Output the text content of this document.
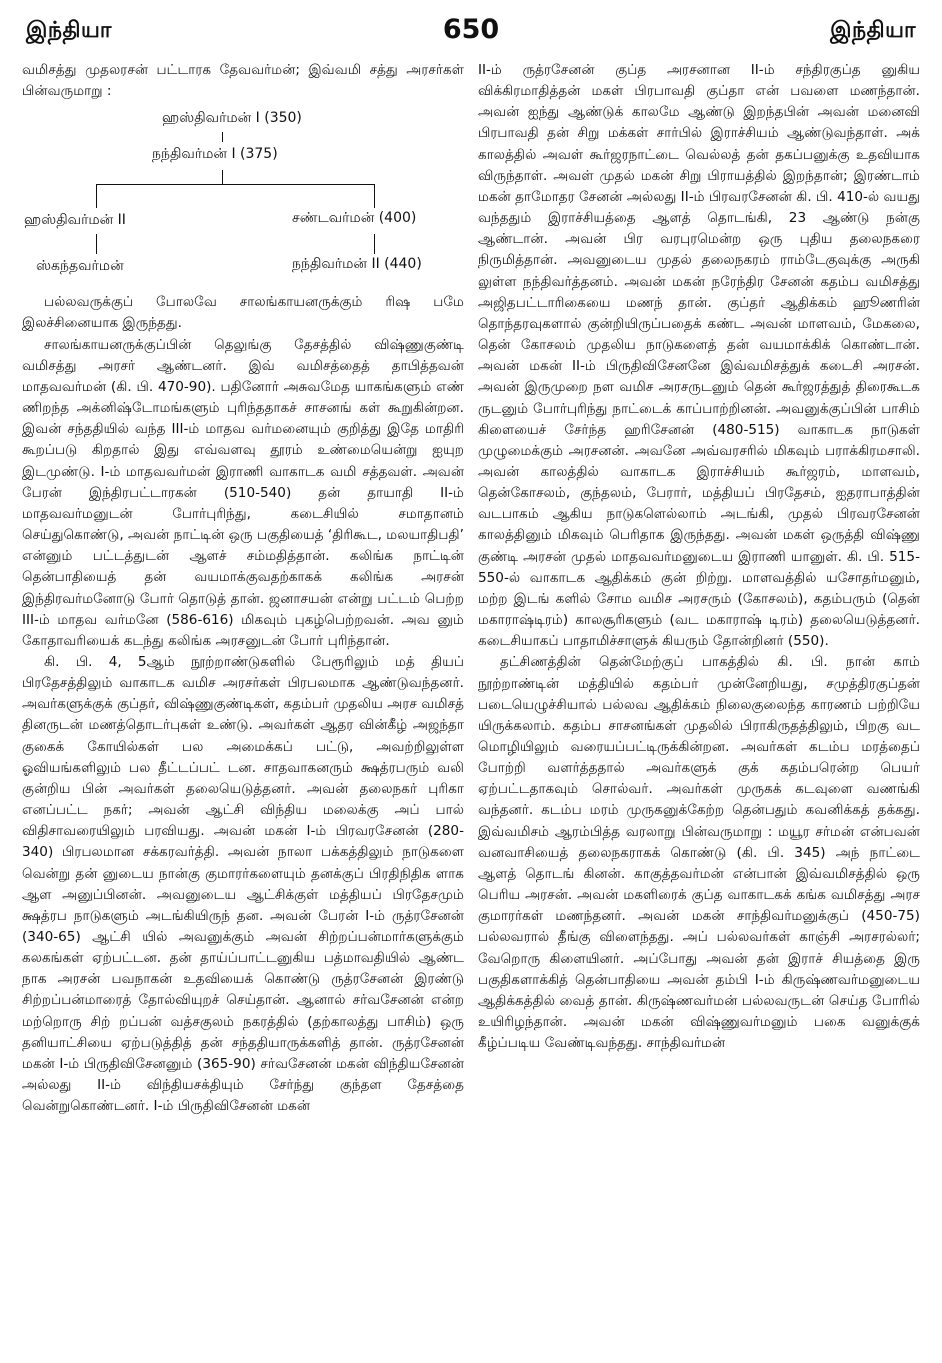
இந்தியா	650	இந்தியா

வமிசத்து முதலரசன் பட்டாரக தேவவர்மன்; இவ்வமி சத்து அரசர்கள் பின்வருமாறு :

ஹஸ்திவர்மன் I (350)
நந்திவர்மன் I (375)
ஹஸ்திவர்மன் II	சண்டவர்மன் (400)
ஸ்கந்தவர்மன்	நந்திவர்மன் II (440)

பல்லவருக்குப் போலவே சாலங்காயனருக்கும் ரிஷ பமே இலச்சினையாக இருந்தது.

சாலங்காயனருக்குப்பின் தெலுங்கு தேசத்தில் விஷ்ணுகுண்டி வமிசத்து அரசர் ஆண்டனர். இவ் வமிசத்தைத் தாபித்தவன் மாதவவர்மன் (கி. பி. 470-90). பதினோர் அசுவமேத யாகங்களும் எண் ணிறந்த அக்னிஷ்டோமங்களும் புரிந்ததாகச் சாசனங் கள் கூறுகின்றன. இவன் சந்ததியில் வந்த III-ம் மாதவ வர்மனையும் குறித்து இதே மாதிரி கூறப்படு கிறதால் இது எவ்வளவு தூரம் உண்மையென்று ஐயுற இடமுண்டு. I-ம் மாதவவர்மன் இராணி வாகாடக வமி சத்தவள். அவன் பேரன் இந்திரபட்டாரகன் (510-540) தன் தாயாதி II-ம் மாதவவர்மனுடன் போர்புரிந்து, கடைசியில் சமாதானம் செய்துகொண்டு, அவன் நாட்டின் ஒரு பகுதியைத் ‘திரிகூட, மலயாதிபதி’ என்னும் பட்டத்துடன் ஆளச் சம்மதித்தான். கலிங்க நாட்டின் தென்பாதியைத் தன் வயமாக்குவதற்காகக் கலிங்க அரசன் இந்திரவர்மனோடு போர் தொடுத் தான். ஜனாசயன் என்று பட்டம் பெற்ற III-ம் மாதவ வர்மனே (586-616) மிகவும் புகழ்பெற்றவன். அவ னும் கோதாவரியைக் கடந்து கலிங்க அரசனுடன் போர் புரிந்தான்.

கி. பி. 4, 5ஆம் நூற்றாண்டுகளில் பேரூரிலும் மத் தியப் பிரதேசத்திலும் வாகாடக வமிச அரசர்கள் பிரபலமாக ஆண்டுவந்தனர். அவர்களுக்குக் குப்தர், விஷ்ணுகுண்டிகள், கதம்பர் முதலிய அரச வமிசத் தினருடன் மணத்தொடர்புகள் உண்டு. அவர்கள் ஆதர வின்கீழ் அஜந்தா குகைக் கோயில்கள் பல அமைக்கப் பட்டு, அவற்றிலுள்ள ஓவியங்களிலும் பல தீட்டப்பட் டன. சாதவாகனரும் க்ஷத்ரபரும் வலி குன்றிய பின் அவர்கள் தலையெடுத்தனர். அவன் தலைநகர் புரிகா எனப்பட்ட நகர்; அவன் ஆட்சி விந்திய மலைக்கு அப் பால் விதிசாவரையிலும் பரவியது. அவன் மகன் I-ம் பிரவரசேனன் (280-340) பிரபலமான சக்கரவர்த்தி. அவன் நாலா பக்கத்திலும் நாடுகளை வென்று தன் னுடைய நான்கு குமாரர்களையும் தனக்குப் பிரதிநிதிக ளாக ஆள அனுப்பினன். அவனுடைய ஆட்சிக்குள் மத்தியப் பிரதேசமும் க்ஷத்ரப நாடுகளும் அடங்கியிருந் தன. அவன் பேரன் I-ம் ருத்ரசேனன் (340-65) ஆட்சி யில் அவனுக்கும் அவன் சிற்றப்பன்மார்களுக்கும் கலகங்கள் ஏற்பட்டன. தன் தாய்ப்பாட்டனுகிய பத்மாவதியில் ஆண்ட நாக அரசன் பவநாகன் உதவியைக் கொண்டு ருத்ரசேனன் இரண்டு சிற்றப்பன்மாரைத் தோல்வியுறச் செய்தான். ஆனால் சர்வசேனன் என்ற மற்றொரு சிற் றப்பன் வத்சகுலம் நகரத்தில் (தற்காலத்து பாசிம்) ஒரு தனியாட்சியை ஏற்படுத்தித் தன் சந்ததியாருக்களித் தான். ருத்ரசேனன் மகன் I-ம் பிருதிவிசேனனும் (365-90) சர்வசேனன் மகன் விந்தியசேனன் அல்லது II-ம் விந்தியசக்தியும் சேர்ந்து குந்தள தேசத்தை வென்றுகொண்டனர். I-ம் பிருதிவிசேனன் மகன்

II-ம் ருத்ரசேனன் குப்த அரசனான II-ம் சந்திரகுப்த னுகிய விக்கிரமாதித்தன் மகள் பிரபாவதி குப்தா என் பவளை மணந்தான். அவன் ஐந்து ஆண்டுக் காலமே ஆண்டு இறந்தபின் அவன் மனைவி பிரபாவதி தன் சிறு மக்கள் சார்பில் இராச்சியம் ஆண்டுவந்தாள். அக் காலத்தில் அவள் கூர்ஜரநாட்டை வெல்லத் தன் தகப்பனுக்கு உதவியாக விருந்தாள். அவள் முதல் மகன் சிறு பிராயத்தில் இறந்தான்; இரண்டாம் மகன் தாமோதர சேனன் அல்லது II-ம் பிரவரசேனன் கி. பி. 410-ல் வயது வந்ததும் இராச்சியத்தை ஆளத் தொடங்கி, 23 ஆண்டு நன்கு ஆண்டான். அவன் பிர வரபுரமென்ற ஒரு புதிய தலைநகரை நிருமித்தான். அவனுடைய முதல் தலைநகரம் ராம்டேகுவுக்கு அருகி லுள்ள நந்திவர்த்தனம். அவன் மகன் நரேந்திர சேனன் கதம்ப வமிசத்து அஜிதபட்டாரிகையை மணந் தான். குப்தர் ஆதிக்கம் ஹூணரின் தொந்தரவுகளால் குன்றியிருப்பதைக் கண்ட அவன் மாளவம், மேகலை, தென் கோசலம் முதலிய நாடுகளைத் தன் வயமாக்கிக் கொண்டான். அவன் மகன் II-ம் பிருதிவிசேனனே இவ்வமிசத்துக் கடைசி அரசன். அவன் இருமுறை நள வமிச அரசருடனும் தென் கூர்ஜரத்துத் திரைகூடக ருடனும் போர்புரிந்து நாட்டைக் காப்பாற்றினன். அவனுக்குப்பின் பாசிம் கிளையைச் சேர்ந்த ஹரிசேனன் (480-515) வாகாடக நாடுகள் முழுமைக்கும் அரசனன். அவனே அவ்வரசரில் மிகவும் பராக்கிரமசாலி. அவன் காலத்தில் வாகாடக இராச்சியம் கூர்ஜரம், மாளவம், தென்கோசலம், குந்தலம், பேரார், மத்தியப் பிரதேசம், ஐதராபாத்தின் வடபாகம் ஆகிய நாடுகளெல்லாம் அடங்கி, முதல் பிரவரசேனன் காலத்தினும் மிகவும் பெரிதாக இருந்தது. அவன் மகள் ஒருத்தி விஷ்ணு குண்டி அரசன் முதல் மாதவவர்மனுடைய இராணி யானுள். கி. பி. 515-550-ல் வாகாடக ஆதிக்கம் குன் றிற்று. மாளவத்தில் யசோதர்மனும், மற்ற இடங் களில் சோம வமிச அரசரும் (கோசலம்), கதம்பரும் (தென் மகாராஷ்டிரம்) காலசூரிகளும் (வட மகாராஷ் டிரம்) தலையெடுத்தனர். கடைசியாகப் பாதாமிச்சாளுக் கியரும் தோன்றினர் (550).

தட்சிணத்தின் தென்மேற்குப் பாகத்தில் கி. பி. நான் காம் நூற்றாண்டின் மத்தியில் கதம்பர் முன்னேறியது, சமுத்திரகுப்தன் படையெழுச்சியால் பல்லவ ஆதிக்கம் நிலைகுலைந்த காரணம் பற்றியே யிருக்கலாம். கதம்ப சாசனங்கள் முதலில் பிராகிருதத்திலும், பிறகு வட மொழியிலும் வரையப்பட்டிருக்கின்றன. அவர்கள் கடம்ப மரத்தைப் போற்றி வளர்த்ததால் அவர்களுக் குக் கதம்பரென்ற பெயர் ஏற்பட்டதாகவும் சொல்வர். அவர்கள் முருகக் கடவுளை வணங்கி வந்தனர். கடம்ப மரம் முருகனுக்கேற்ற தென்பதும் கவனிக்கத் தக்கது. இவ்வமிசம் ஆரம்பித்த வரலாறு பின்வருமாறு : மயூர சர்மன் என்பவன் வனவாசியைத் தலைநகராகக் கொண்டு (கி. பி. 345) அந் நாட்டை ஆளத் தொடங் கினன். காகுத்தவர்மன் என்பான் இவ்வமிசத்தில் ஒரு பெரிய அரசன். அவன் மகளிரைக் குப்த வாகாடகக் கங்க வமிசத்து அரச குமாரர்கள் மணந்தனர். அவன் மகன் சாந்திவர்மனுக்குப் (450-75) பல்லவரால் தீங்கு விளைந்தது. அப் பல்லவர்கள் காஞ்சி அரசரல்லர்; வேறொரு கிளையினர். அப்போது அவன் தன் இராச் சியத்தை இரு பகுதிகளாக்கித் தென்பாதியை அவன் தம்பி I-ம் கிருஷ்ணவர்மனுடைய ஆதிக்கத்தில் வைத் தான். கிருஷ்ணவர்மன் பல்லவருடன் செய்த போரில் உயிரிழந்தான். அவன் மகன் விஷ்ணுவர்மனும் பகை வனுக்குக் கீழ்ப்படிய வேண்டிவந்தது. சாந்திவர்மன்
